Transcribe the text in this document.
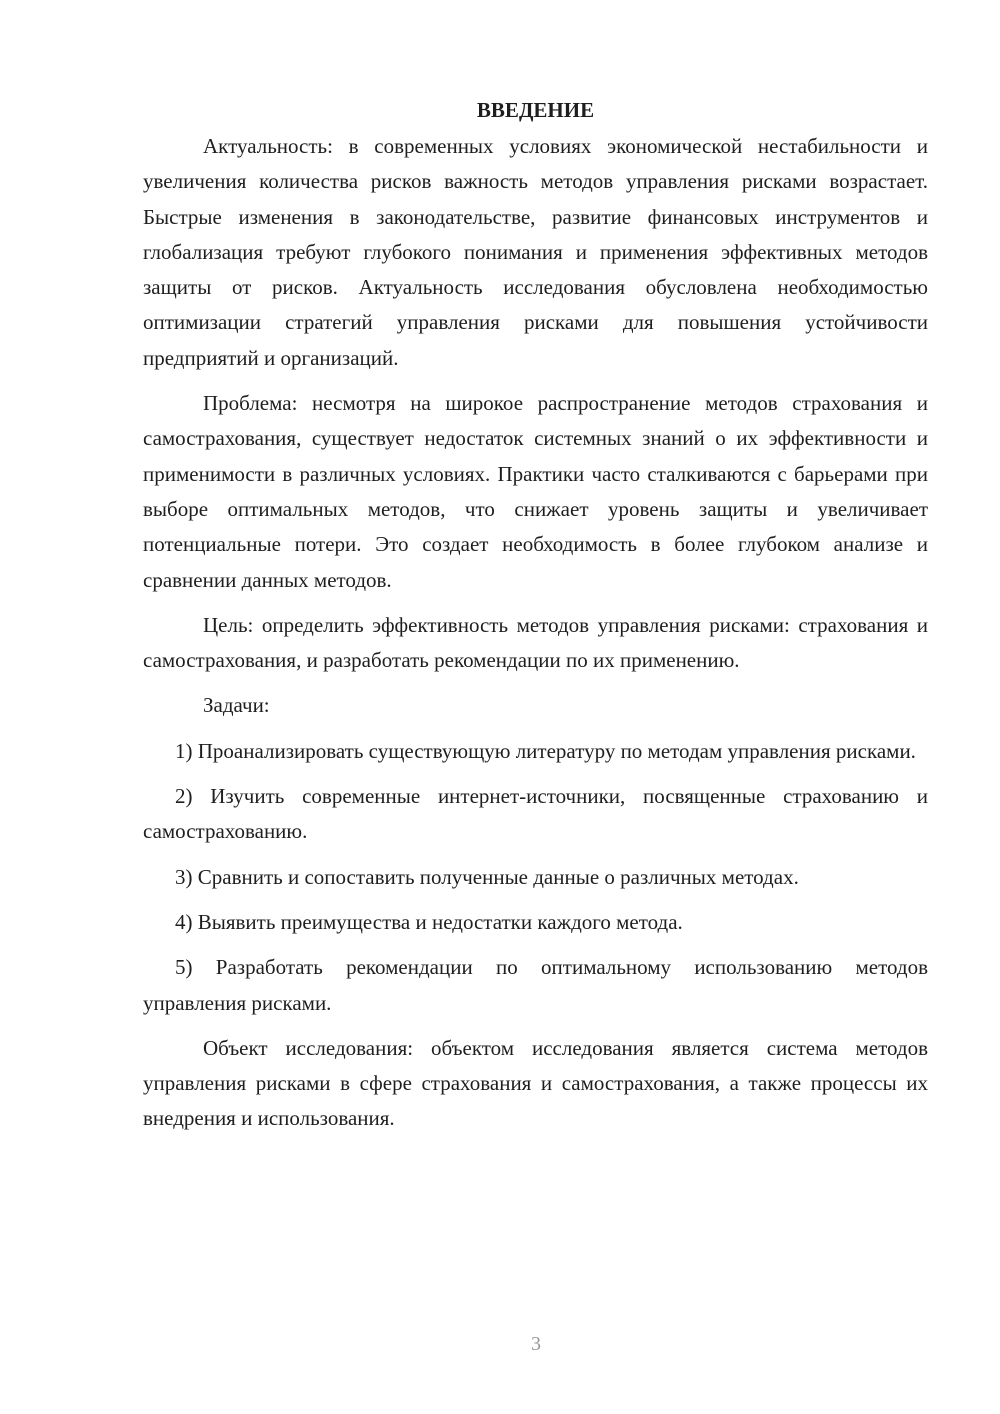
ВВЕДЕНИЕ

Актуальность: в современных условиях экономической нестабильности и увеличения количества рисков важность методов управления рисками возрастает. Быстрые изменения в законодательстве, развитие финансовых инструментов и глобализация требуют глубокого понимания и применения эффективных методов защиты от рисков. Актуальность исследования обусловлена необходимостью оптимизации стратегий управления рисками для повышения устойчивости предприятий и организаций.

Проблема: несмотря на широкое распространение методов страхования и самострахования, существует недостаток системных знаний о их эффективности и применимости в различных условиях. Практики часто сталкиваются с барьерами при выборе оптимальных методов, что снижает уровень защиты и увеличивает потенциальные потери. Это создает необходимость в более глубоком анализе и сравнении данных методов.

Цель: определить эффективность методов управления рисками: страхования и самострахования, и разработать рекомендации по их применению.

Задачи:

1) Проанализировать существующую литературу по методам управления рисками.

2) Изучить современные интернет-источники, посвященные страхованию и самострахованию.

3) Сравнить и сопоставить полученные данные о различных методах.

4) Выявить преимущества и недостатки каждого метода.

5) Разработать рекомендации по оптимальному использованию методов управления рисками.

Объект исследования: объектом исследования является система методов управления рисками в сфере страхования и самострахования, а также процессы их внедрения и использования.

3
